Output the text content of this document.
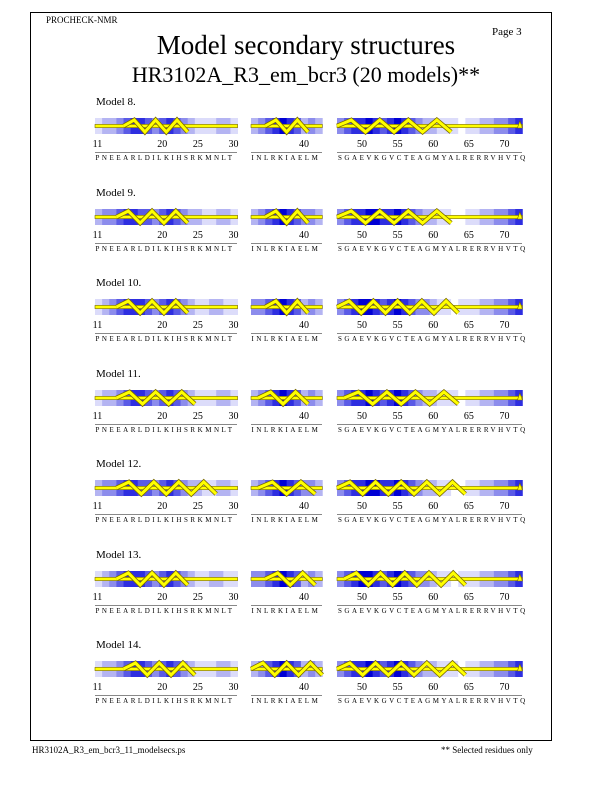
PROCHECK-NMR
Page 3
Model secondary structures
HR3102A_R3_em_bcr3 (20 models)**
Model 8.
11	20	25	30
PNEEARLDILKIHSRKMNLT
40
INLRKIAELM
50	55	60	65	70
SGAEVKGVCTEAGMYALRERRVHVTQ
Model 9.
11	20	25	30
PNEEARLDILKIHSRKMNLT
40
INLRKIAELM
50	55	60	65	70
SGAEVKGVCTEAGMYALRERRVHVTQ
Model 10.
11	20	25	30
PNEEARLDILKIHSRKMNLT
40
INLRKIAELM
50	55	60	65	70
SGAEVKGVCTEAGMYALRERRVHVTQ
Model 11.
11	20	25	30
PNEEARLDILKIHSRKMNLT
40
INLRKIAELM
50	55	60	65	70
SGAEVKGVCTEAGMYALRERRVHVTQ
Model 12.
11	20	25	30
PNEEARLDILKIHSRKMNLT
40
INLRKIAELM
50	55	60	65	70
SGAEVKGVCTEAGMYALRERRVHVTQ
Model 13.
11	20	25	30
PNEEARLDILKIHSRKMNLT
40
INLRKIAELM
50	55	60	65	70
SGAEVKGVCTEAGMYALRERRVHVTQ
Model 14.
11	20	25	30
PNEEARLDILKIHSRKMNLT
40
INLRKIAELM
50	55	60	65	70
SGAEVKGVCTEAGMYALRERRVHVTQ
HR3102A_R3_em_bcr3_11_modelsecs.ps	** Selected residues only
